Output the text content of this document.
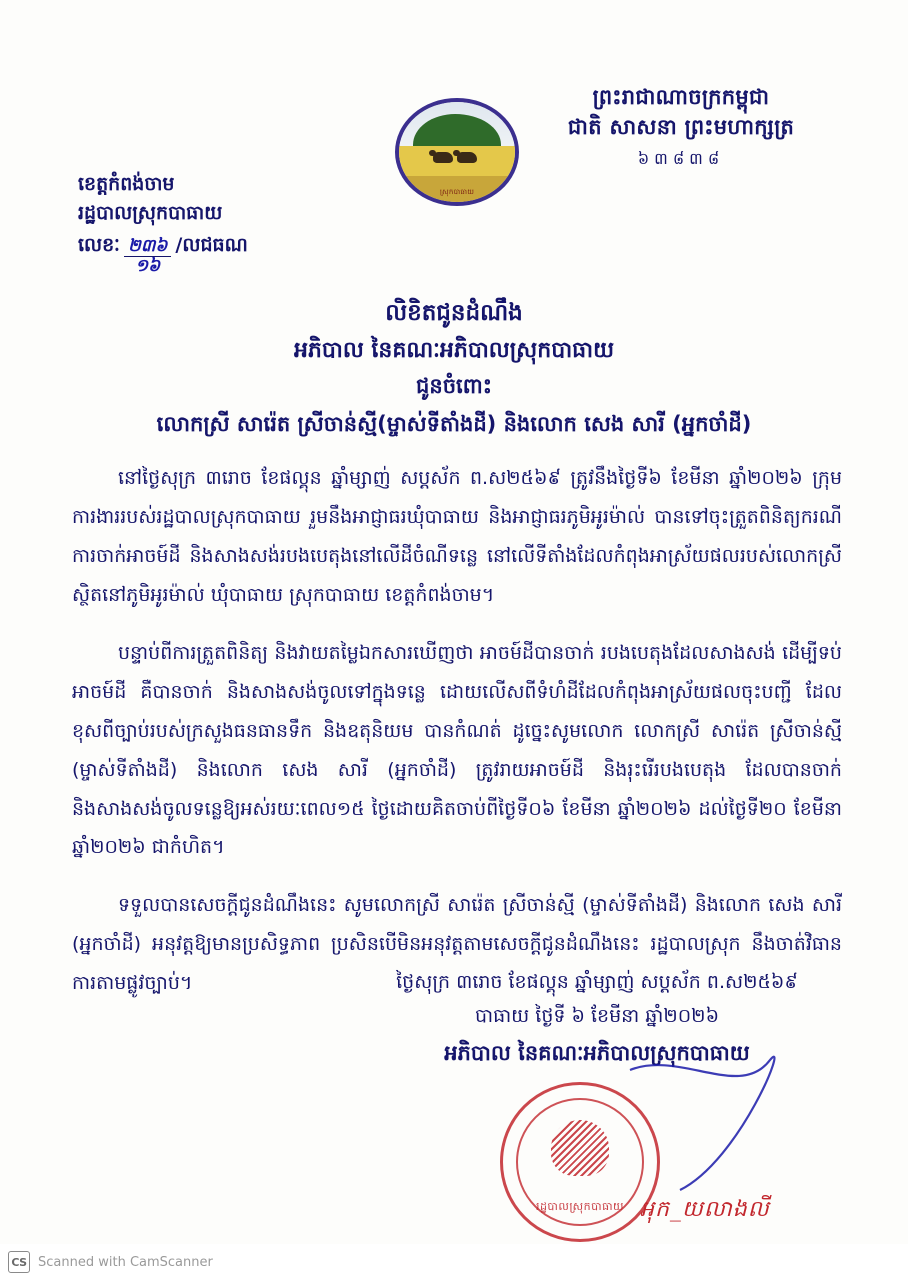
ព្រះរាជាណាចក្រកម្ពុជា
ជាតិ សាសនា ព្រះមហាក្សត្រ
៦៣៨៣៨
ស្រុកបាធាយ
ខេត្តកំពង់ចាម
រដ្ឋបាលស្រុកបាធាយ
លេខៈ $\frac{២៣៦}{១៦}$ /លជធណ
លិខិតជូនដំណឹង
អភិបាល នៃគណៈអភិបាលស្រុកបាធាយ
ជូនចំពោះ
លោកស្រី សារ៉េត ស្រីចាន់ស្មី(ម្ចាស់ទីតាំងដី) និងលោក សេង សារី (អ្នកចាំដី)

នៅថ្ងៃសុក្រ ៣រោច ខែផល្គុន ឆ្នាំម្សាញ់ សប្តស័ក ព.ស២៥៦៩ ត្រូវនឹងថ្ងៃទី៦ ខែមីនា ឆ្នាំ២០២៦ ក្រុមការងាររបស់រដ្ឋបាលស្រុកបាធាយ រួមនឹងអាជ្ញាធរឃុំបាធាយ និងអាជ្ញាធរភូមិអូរម៉ាល់ បានទៅចុះត្រួតពិនិត្យករណីការចាក់អាចម៍ដី និងសាងសង់របងបេតុងនៅលើដីចំណីទន្លេ នៅលើទីតាំងដែលកំពុងអាស្រ័យផលរបស់លោកស្រី ស្ថិតនៅភូមិអូរម៉ាល់ ឃុំបាធាយ ស្រុកបាធាយ ខេត្តកំពង់ចាម។

បន្ទាប់ពីការត្រួតពិនិត្យ និងវាយតម្លៃឯកសារឃើញថា អាចម៍ដីបានចាក់ របងបេតុងដែលសាងសង់ ដើម្បីទប់អាចម៍ដី គឺបានចាក់ និងសាងសង់ចូលទៅក្នុងទន្លេ ដោយលើសពីទំហំដីដែលកំពុងអាស្រ័យផលចុះបញ្ជី ដែលខុសពីច្បាប់របស់ក្រសួងធនធានទឹក និងឧតុនិយម បានកំណត់ ដូច្នេះសូមលោក លោកស្រី សារ៉េត ស្រីចាន់ស្មី (ម្ចាស់ទីតាំងដី) និងលោក សេង សារី (អ្នកចាំដី) ត្រូវរាយអាចម៍ដី និងរុះរើរបងបេតុង ដែលបានចាក់ និងសាងសង់ចូលទន្លេឱ្យអស់រយៈពេល១៥ ថ្ងៃដោយគិតចាប់ពីថ្ងៃទី០៦ ខែមីនា ឆ្នាំ២០២៦ ដល់ថ្ងៃទី២០ ខែមីនា ឆ្នាំ២០២៦ ជាកំហិត។

ទទួលបានសេចក្តីជូនដំណឹងនេះ សូមលោកស្រី សារ៉េត ស្រីចាន់ស្មី (ម្ចាស់ទីតាំងដី) និងលោក សេង សារី (អ្នកចាំដី) អនុវត្តឱ្យមានប្រសិទ្ធភាព ប្រសិនបើមិនអនុវត្តតាមសេចក្តីជូនដំណឹងនេះ រដ្ឋបាលស្រុក នឹងចាត់វិធានការតាមផ្លូវច្បាប់។	ថ្ងៃសុក្រ ៣រោច ខែផល្គុន ឆ្នាំម្សាញ់ សប្តស័ក ព.ស២៥៦៩
បាធាយ ថ្ងៃទី ៦ ខែមីនា ឆ្នាំ២០២៦
អភិបាល នៃគណៈអភិបាលស្រុកបាធាយ
រដ្ឋបាលស្រុកបាធាយ អុក_យលាងលី
CS Scanned with CamScanner
